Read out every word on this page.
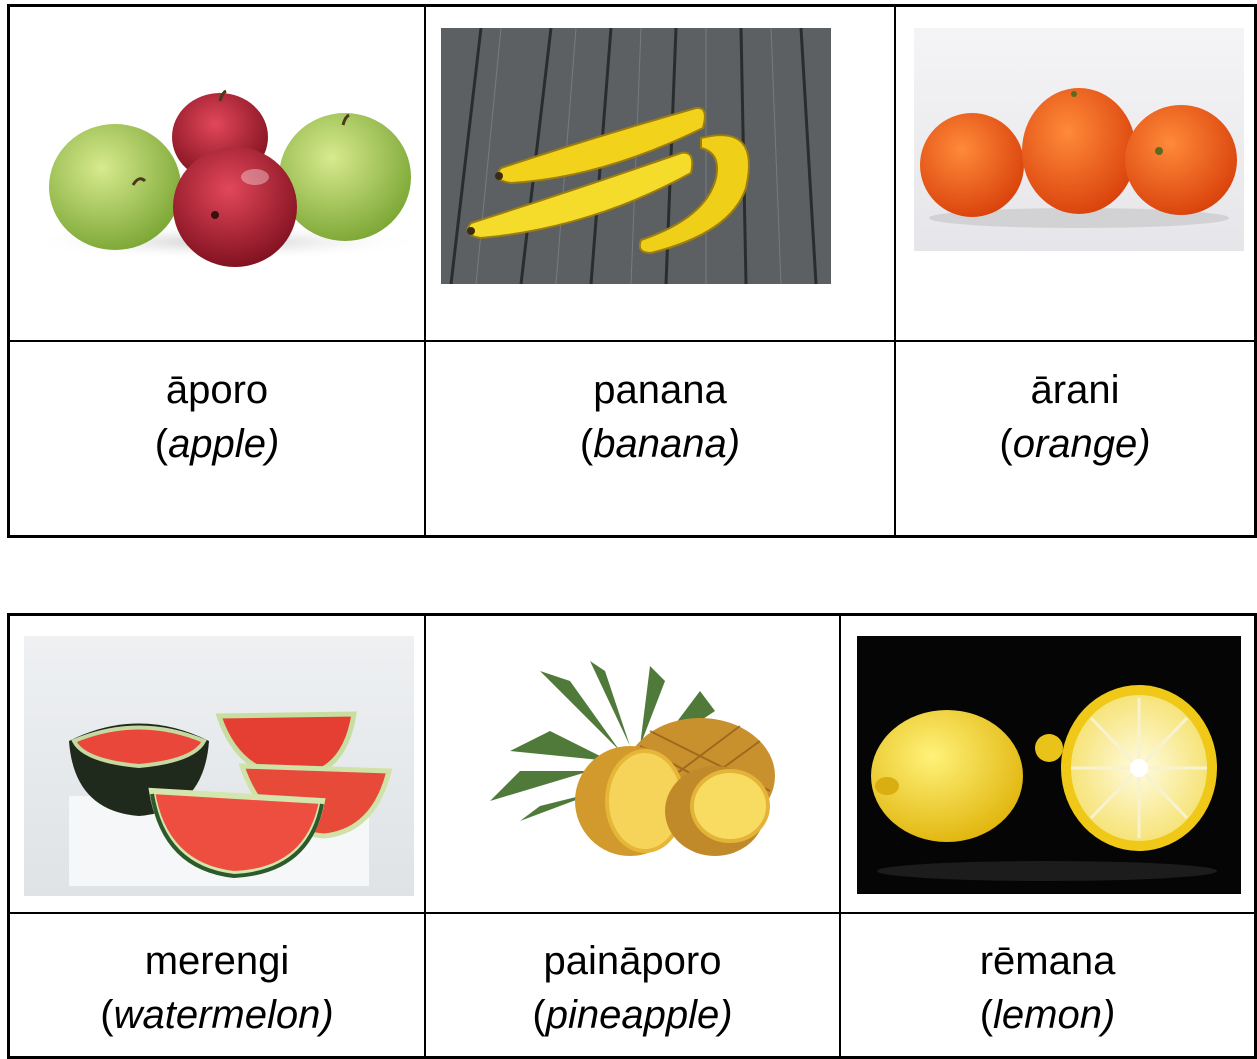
āporo
(apple)
panana
(banana)
ārani
(orange)
merengi
(watermelon)
paināporo
(pineapple)
rēmana
(lemon)
